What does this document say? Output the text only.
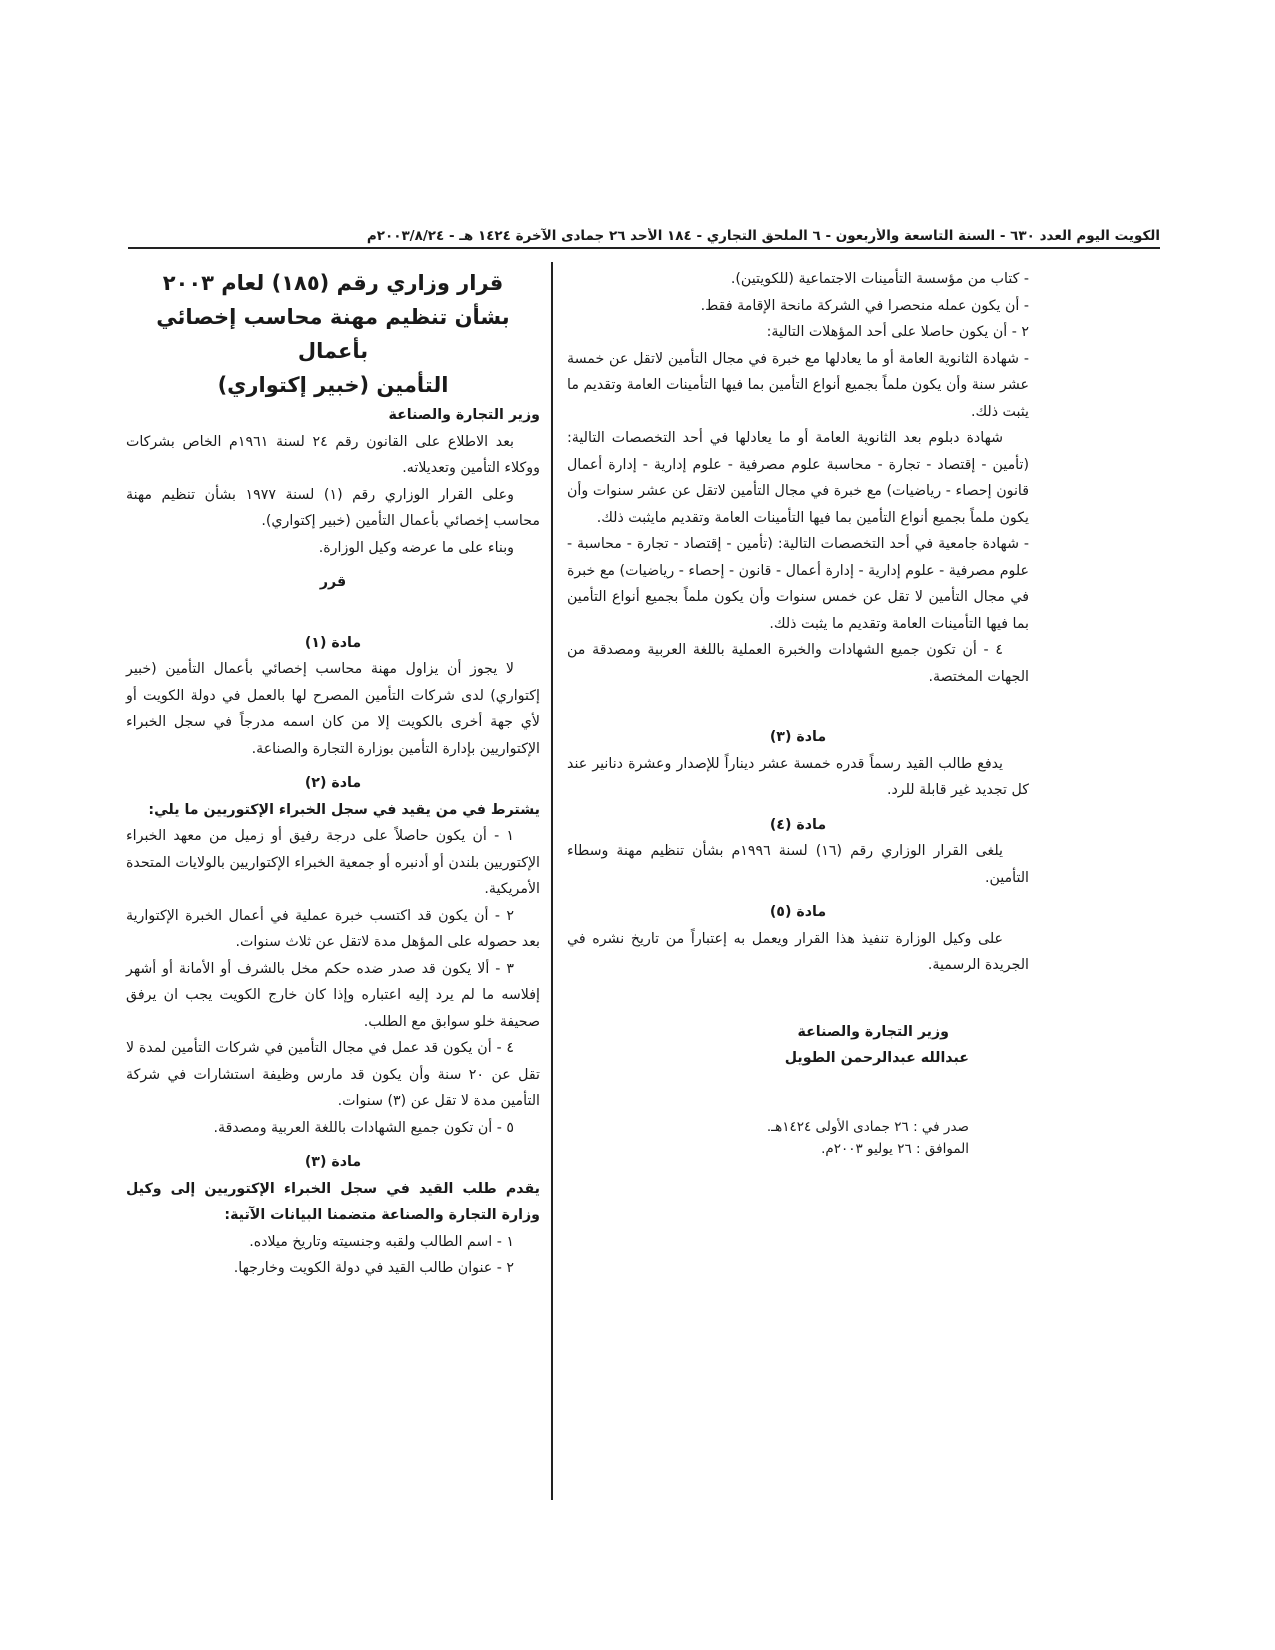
الكويت اليوم العدد ٦٣٠ - السنة التاسعة والأربعون - ٦ الملحق التجاري - ١٨٤ الأحد ٢٦ جمادى الآخرة ١٤٢٤ هـ - ٢٠٠٣/٨/٢٤م

- كتاب من مؤسسة التأمينات الاجتماعية (للكويتين).

- أن يكون عمله منحصرا في الشركة مانحة الإقامة فقط.

٢ - أن يكون حاصلا على أحد المؤهلات التالية:

- شهادة الثانوية العامة أو ما يعادلها مع خبرة في مجال التأمين لاتقل عن خمسة عشر سنة وأن يكون ملماً بجميع أنواع التأمين بما فيها التأمينات العامة وتقديم ما يثبت ذلك.

شهادة دبلوم بعد الثانوية العامة أو ما يعادلها في أحد التخصصات التالية: (تأمين - إقتصاد - تجارة - محاسبة علوم مصرفية - علوم إدارية - إدارة أعمال قانون إحصاء - رياضيات) مع خبرة في مجال التأمين لاتقل عن عشر سنوات وأن يكون ملماً بجميع أنواع التأمين بما فيها التأمينات العامة وتقديم مايثبت ذلك.

- شهادة جامعية في أحد التخصصات التالية: (تأمين - إقتصاد - تجارة - محاسبة - علوم مصرفية - علوم إدارية - إدارة أعمال - قانون - إحصاء - رياضيات) مع خبرة في مجال التأمين لا تقل عن خمس سنوات وأن يكون ملماً بجميع أنواع التأمين بما فيها التأمينات العامة وتقديم ما يثبت ذلك.

٤ - أن تكون جميع الشهادات والخبرة العملية باللغة العربية ومصدقة من الجهات المختصة.

مادة (٣)

يدفع طالب القيد رسماً قدره خمسة عشر ديناراً للإصدار وعشرة دنانير عند كل تجديد غير قابلة للرد.

مادة (٤)

يلغى القرار الوزاري رقم (١٦) لسنة ١٩٩٦م بشأن تنظيم مهنة وسطاء التأمين.

مادة (٥)

على وكيل الوزارة تنفيذ هذا القرار ويعمل به إعتباراً من تاريخ نشره في الجريدة الرسمية.

وزير التجارة والصناعة

عبدالله عبدالرحمن الطويل

صدر في : ٢٦ جمادى الأولى ١٤٢٤هـ.

الموافق : ٢٦ يوليو ٢٠٠٣م.

قرار وزاري رقم (١٨٥) لعام ٢٠٠٣
بشأن تنظيم مهنة محاسب إخصائي بأعمال
التأمين (خبير إكتواري)

وزير التجارة والصناعة

بعد الاطلاع على القانون رقم ٢٤ لسنة ١٩٦١م الخاص بشركات ووكلاء التأمين وتعديلاته.

وعلى القرار الوزاري رقم (١) لسنة ١٩٧٧ بشأن تنظيم مهنة محاسب إخصائي بأعمال التأمين (خبير إكتواري).

وبناء على ما عرضه وكيل الوزارة.

قرر

مادة (١)

لا يجوز أن يزاول مهنة محاسب إخصائي بأعمال التأمين (خبير إكتواري) لدى شركات التأمين المصرح لها بالعمل في دولة الكويت أو لأي جهة أخرى بالكويت إلا من كان اسمه مدرجاً في سجل الخبراء الإكتواريين بإدارة التأمين بوزارة التجارة والصناعة.

مادة (٢)

يشترط في من يقيد في سجل الخبراء الإكتوريين ما يلي:

١ - أن يكون حاصلاً على درجة رفيق أو زميل من معهد الخبراء الإكتوريين بلندن أو أدنبره أو جمعية الخبراء الإكتواريين بالولايات المتحدة الأمريكية.

٢ - أن يكون قد اكتسب خبرة عملية في أعمال الخبرة الإكتوارية بعد حصوله على المؤهل مدة لاتقل عن ثلاث سنوات.

٣ - ألا يكون قد صدر ضده حكم مخل بالشرف أو الأمانة أو أشهر إفلاسه ما لم يرد إليه اعتباره وإذا كان خارج الكويت يجب ان يرفق صحيفة خلو سوابق مع الطلب.

٤ - أن يكون قد عمل في مجال التأمين في شركات التأمين لمدة لا تقل عن ٢٠ سنة وأن يكون قد مارس وظيفة استشارات في شركة التأمين مدة لا تقل عن (٣) سنوات.

٥ - أن تكون جميع الشهادات باللغة العربية ومصدقة.

مادة (٣)

يقدم طلب القيد في سجل الخبراء الإكتوريين إلى وكيل وزارة التجارة والصناعة متضمنا البيانات الآتية:

١ - اسم الطالب ولقبه وجنسيته وتاريخ ميلاده.

٢ - عنوان طالب القيد في دولة الكويت وخارجها.
